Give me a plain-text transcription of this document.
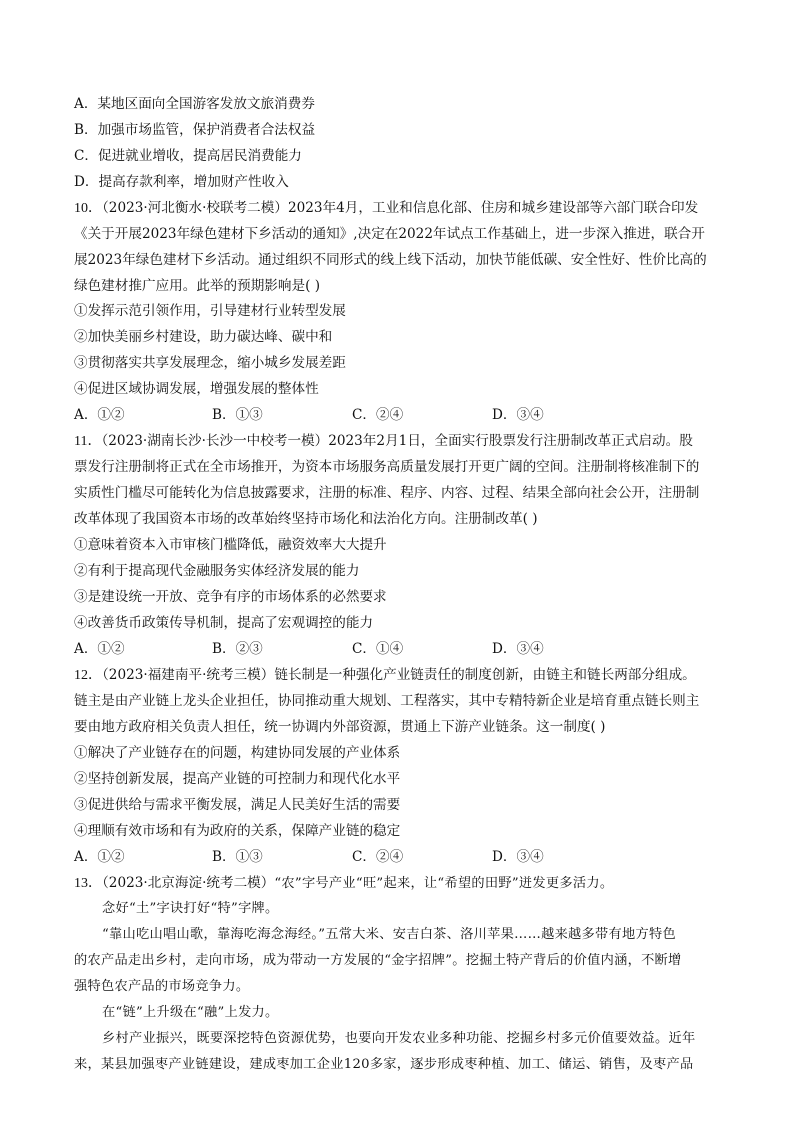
A．某地区面向全国游客发放文旅消费券
B．加强市场监管，保护消费者合法权益
C．促进就业增收，提高居民消费能力
D．提高存款利率，增加财产性收入
10．（2023·河北衡水·校联考二模）2023年4月，工业和信息化部、住房和城乡建设部等六部门联合印发
《关于开展2023年绿色建材下乡活动的通知》,决定在2022年试点工作基础上，进一步深入推进，联合开
展2023年绿色建材下乡活动。通过组织不同形式的线上线下活动，加快节能低碳、安全性好、性价比高的
绿色建材推广应用。此举的预期影响是( )
①发挥示范引领作用，引导建材行业转型发展
②加快美丽乡村建设，助力碳达峰、碳中和
③贯彻落实共享发展理念，缩小城乡发展差距
④促进区域协调发展，增强发展的整体性
A．①②	B．①③	C．②④	D．③④
11．（2023·湖南长沙·长沙一中校考一模）2023年2月1日，全面实行股票发行注册制改革正式启动。股
票发行注册制将正式在全市场推开，为资本市场服务高质量发展打开更广阔的空间。注册制将核准制下的
实质性门槛尽可能转化为信息披露要求，注册的标准、程序、内容、过程、结果全部向社会公开，注册制
改革体现了我国资本市场的改革始终坚持市场化和法治化方向。注册制改革( )
①意味着资本入市审核门槛降低，融资效率大大提升
②有利于提高现代金融服务实体经济发展的能力
③是建设统一开放、竞争有序的市场体系的必然要求
④改善货币政策传导机制，提高了宏观调控的能力
A．①②	B．②③	C．①④	D．③④
12．（2023·福建南平·统考三模）链长制是一种强化产业链责任的制度创新，由链主和链长两部分组成。
链主是由产业链上龙头企业担任，协同推动重大规划、工程落实，其中专精特新企业是培育重点链长则主
要由地方政府相关负责人担任，统一协调内外部资源，贯通上下游产业链条。这一制度( )
①解决了产业链存在的问题，构建协同发展的产业体系
②坚持创新发展，提高产业链的可控制力和现代化水平
③促进供给与需求平衡发展，满足人民美好生活的需要
④理顺有效市场和有为政府的关系，保障产业链的稳定
A．①②	B．①③	C．②④	D．③④
13．（2023·北京海淀·统考二模）“农”字号产业“旺”起来，让“希望的田野”迸发更多活力。
念好“土”字诀打好“特”字牌。
“靠山吃山唱山歌，靠海吃海念海经。”五常大米、安吉白茶、洛川苹果……越来越多带有地方特色
的农产品走出乡村，走向市场，成为带动一方发展的“金字招牌”。挖掘土特产背后的价值内涵，不断增
强特色农产品的市场竞争力。
在“链”上升级在“融”上发力。
乡村产业振兴，既要深挖特色资源优势，也要向开发农业多种功能、挖掘乡村多元价值要效益。近年
来，某县加强枣产业链建设，建成枣加工企业120多家，逐步形成枣种植、加工、储运、销售，及枣产品
